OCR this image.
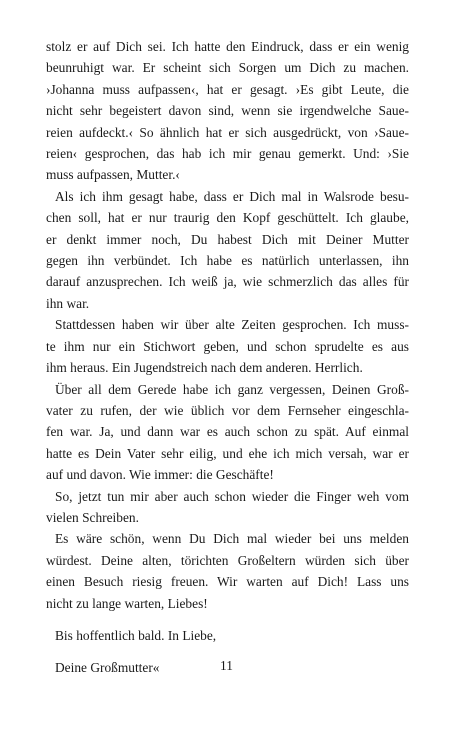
stolz er auf Dich sei. Ich hatte den Eindruck, dass er ein wenig
beunruhigt war. Er scheint sich Sorgen um Dich zu machen.
›Johanna muss aufpassen‹, hat er gesagt. ›Es gibt Leute, die
nicht sehr begeistert davon sind, wenn sie irgendwelche Saue-
reien aufdeckt.‹ So ähnlich hat er sich ausgedrückt, von ›Saue-
reien‹ gesprochen, das hab ich mir genau gemerkt. Und: ›Sie
muss aufpassen, Mutter.‹

Als ich ihm gesagt habe, dass er Dich mal in Walsrode besu-
chen soll, hat er nur traurig den Kopf geschüttelt. Ich glaube,
er denkt immer noch, Du habest Dich mit Deiner Mutter
gegen ihn verbündet. Ich habe es natürlich unterlassen, ihn
darauf anzusprechen. Ich weiß ja, wie schmerzlich das alles für
ihn war.

Stattdessen haben wir über alte Zeiten gesprochen. Ich muss-
te ihm nur ein Stichwort geben, und schon sprudelte es aus
ihm heraus. Ein Jugendstreich nach dem anderen. Herrlich.

Über all dem Gerede habe ich ganz vergessen, Deinen Groß-
vater zu rufen, der wie üblich vor dem Fernseher eingeschla-
fen war. Ja, und dann war es auch schon zu spät. Auf einmal
hatte es Dein Vater sehr eilig, und ehe ich mich versah, war er
auf und davon. Wie immer: die Geschäfte!

So, jetzt tun mir aber auch schon wieder die Finger weh vom
vielen Schreiben.

Es wäre schön, wenn Du Dich mal wieder bei uns melden
würdest. Deine alten, törichten Großeltern würden sich über
einen Besuch riesig freuen. Wir warten auf Dich! Lass uns
nicht zu lange warten, Liebes!

Bis hoffentlich bald. In Liebe,

Deine Großmutter«	11
